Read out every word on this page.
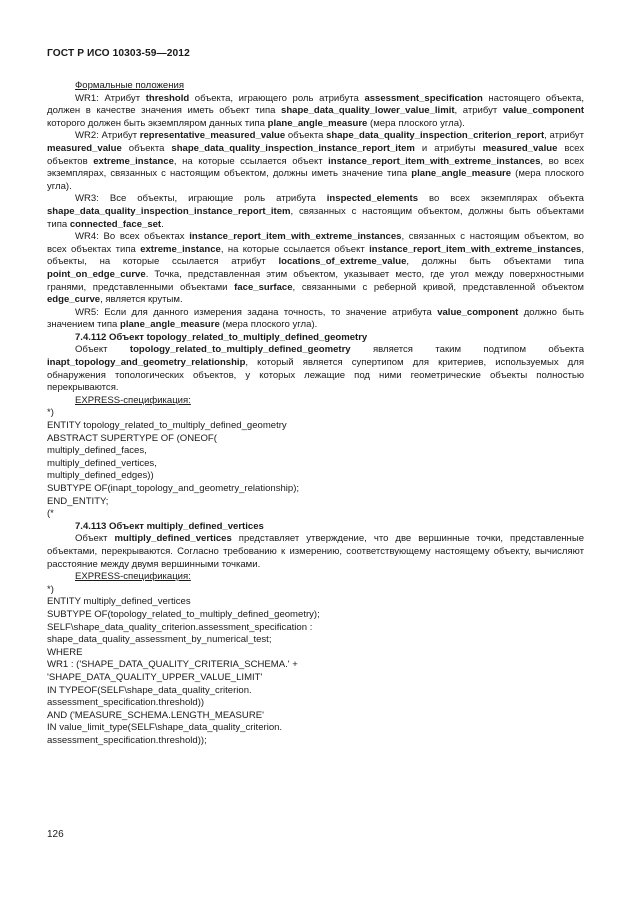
ГОСТ Р ИСО 10303-59—2012

Формальные положения

WR1: Атрибут threshold объекта, играющего роль атрибута assessment_specification настоящего объекта, должен в качестве значения иметь объект типа shape_data_quality_lower_value_limit, атрибут value_component которого должен быть экземпляром данных типа plane_angle_measure (мера плоского угла).

WR2: Атрибут representative_measured_value объекта shape_data_quality_inspection_criterion_report, атрибут measured_value объекта shape_data_quality_inspection_instance_report_item и атрибуты measured_value всех объектов extreme_instance, на которые ссылается объект instance_report_item_with_extreme_instances, во всех экземплярах, связанных с настоящим объектом, должны иметь значение типа plane_angle_measure (мера плоского угла).

WR3: Все объекты, играющие роль атрибута inspected_elements во всех экземплярах объекта shape_data_quality_inspection_instance_report_item, связанных с настоящим объектом, должны быть объектами типа connected_face_set.

WR4: Во всех объектах instance_report_item_with_extreme_instances, связанных с настоящим объектом, во всех объектах типа extreme_instance, на которые ссылается объект instance_report_item_with_extreme_instances, объекты, на которые ссылается атрибут locations_of_extreme_value, должны быть объектами типа point_on_edge_curve. Точка, представленная этим объектом, указывает место, где угол между поверхностными гранями, представленными объектами face_surface, связанными с реберной кривой, представленной объектом edge_curve, является крутым.

WR5: Если для данного измерения задана точность, то значение атрибута value_component должно быть значением типа plane_angle_measure (мера плоского угла).

7.4.112 Объект topology_related_to_multiply_defined_geometry

Объект topology_related_to_multiply_defined_geometry является таким подтипом объекта inapt_topology_and_geometry_relationship, который является супертипом для критериев, используемых для обнаружения топологических объектов, у которых лежащие под ними геометрические объекты полностью перекрываются.

EXPRESS-спецификация:

*)
ENTITY topology_related_to_multiply_defined_geometry
ABSTRACT SUPERTYPE OF (ONEOF(
multiply_defined_faces,
multiply_defined_vertices,
multiply_defined_edges))
SUBTYPE OF(inapt_topology_and_geometry_relationship);
END_ENTITY;
(*

7.4.113 Объект multiply_defined_vertices

Объект multiply_defined_vertices представляет утверждение, что две вершинные точки, представленные объектами, перекрываются. Согласно требованию к измерению, соответствующему настоящему объекту, вычисляют расстояние между двумя вершинными точками.

EXPRESS-спецификация:

*)
ENTITY multiply_defined_vertices
SUBTYPE OF(topology_related_to_multiply_defined_geometry);
SELF\shape_data_quality_criterion.assessment_specification :
shape_data_quality_assessment_by_numerical_test;
WHERE
WR1 : ('SHAPE_DATA_QUALITY_CRITERIA_SCHEMA.' +
'SHAPE_DATA_QUALITY_UPPER_VALUE_LIMIT'
IN TYPEOF(SELF\shape_data_quality_criterion.
assessment_specification.threshold))
AND ('MEASURE_SCHEMA.LENGTH_MEASURE'
IN value_limit_type(SELF\shape_data_quality_criterion.
assessment_specification.threshold));
126
